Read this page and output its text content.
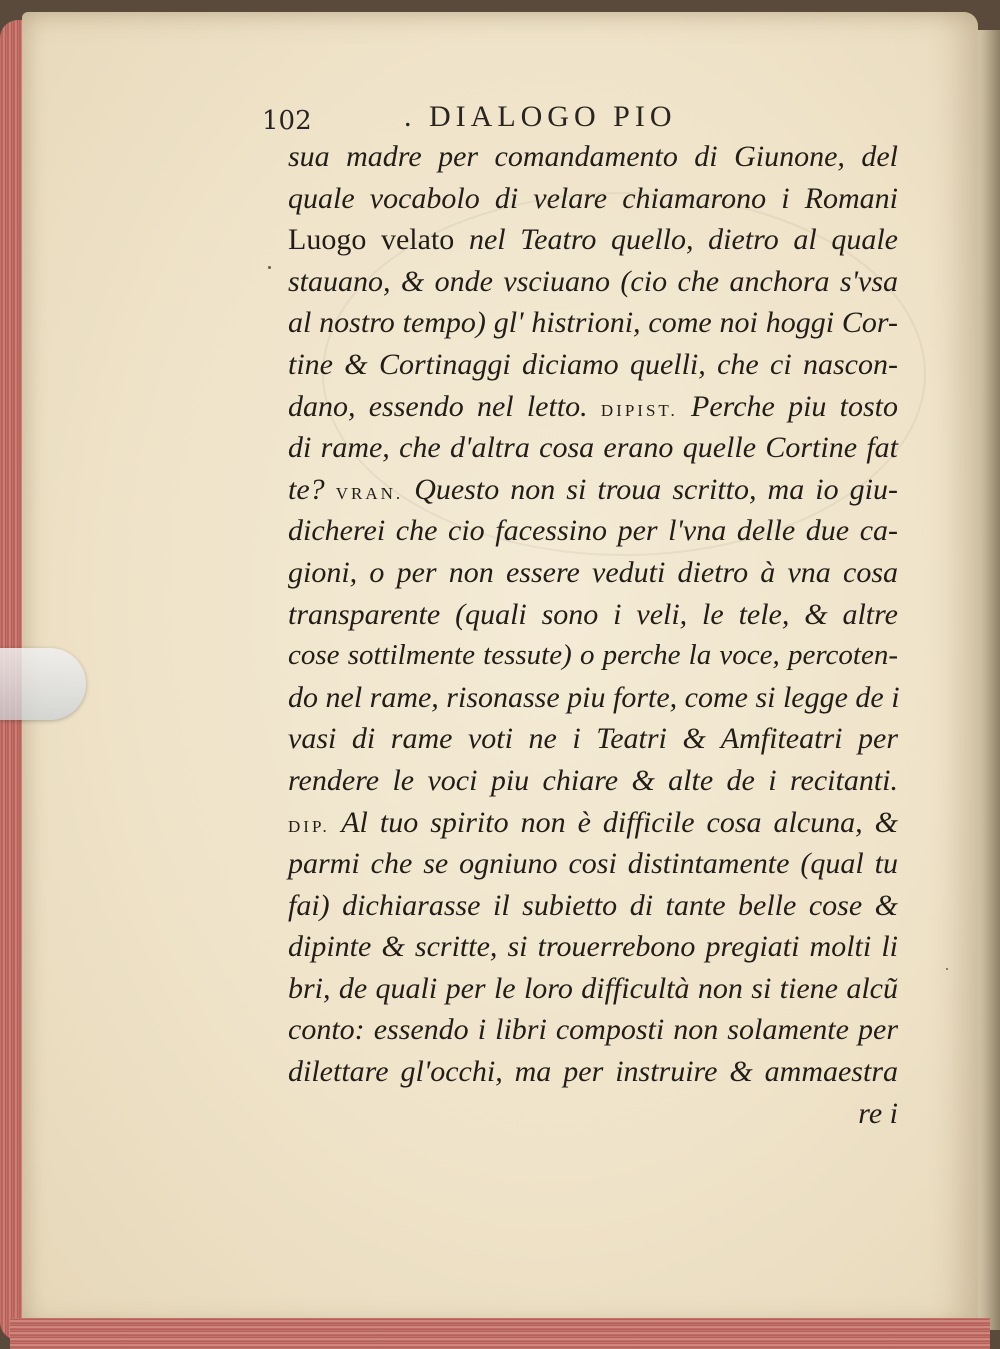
102	. DIALOGO PIO
sua madre per comandamento di Giunone, del
quale vocabolo di velare chiamarono i Romani
Luogo velato nel Teatro quello, dietro al quale
stauano, & onde vsciuano (cio che anchora s'vsa
al nostro tempo) gl' histrioni, come noi hoggi Cor-
tine & Cortinaggi diciamo quelli, che ci nascon-
dano, essendo nel letto. DIPIST. Perche piu tosto
di rame, che d'altra cosa erano quelle Cortine fat
te? VRAN. Questo non si troua scritto, ma io giu-
dicherei che cio facessino per l'vna delle due ca-
gioni, o per non essere veduti dietro à vna cosa
transparente (quali sono i veli, le tele, & altre
cose sottilmente tessute) o perche la voce, percoten-
do nel rame, risonasse piu forte, come si legge de i
vasi di rame voti ne i Teatri & Amfiteatri per
rendere le voci piu chiare & alte de i recitanti.
DIP. Al tuo spirito non è difficile cosa alcuna, &
parmi che se ogniuno cosi distintamente (qual tu
fai) dichiarasse il subietto di tante belle cose &
dipinte & scritte, si trouerrebono pregiati molti li
bri, de quali per le loro difficultà non si tiene alcũ
conto: essendo i libri composti non solamente per
dilettare gl'occhi, ma per instruire & ammaestra
re i
